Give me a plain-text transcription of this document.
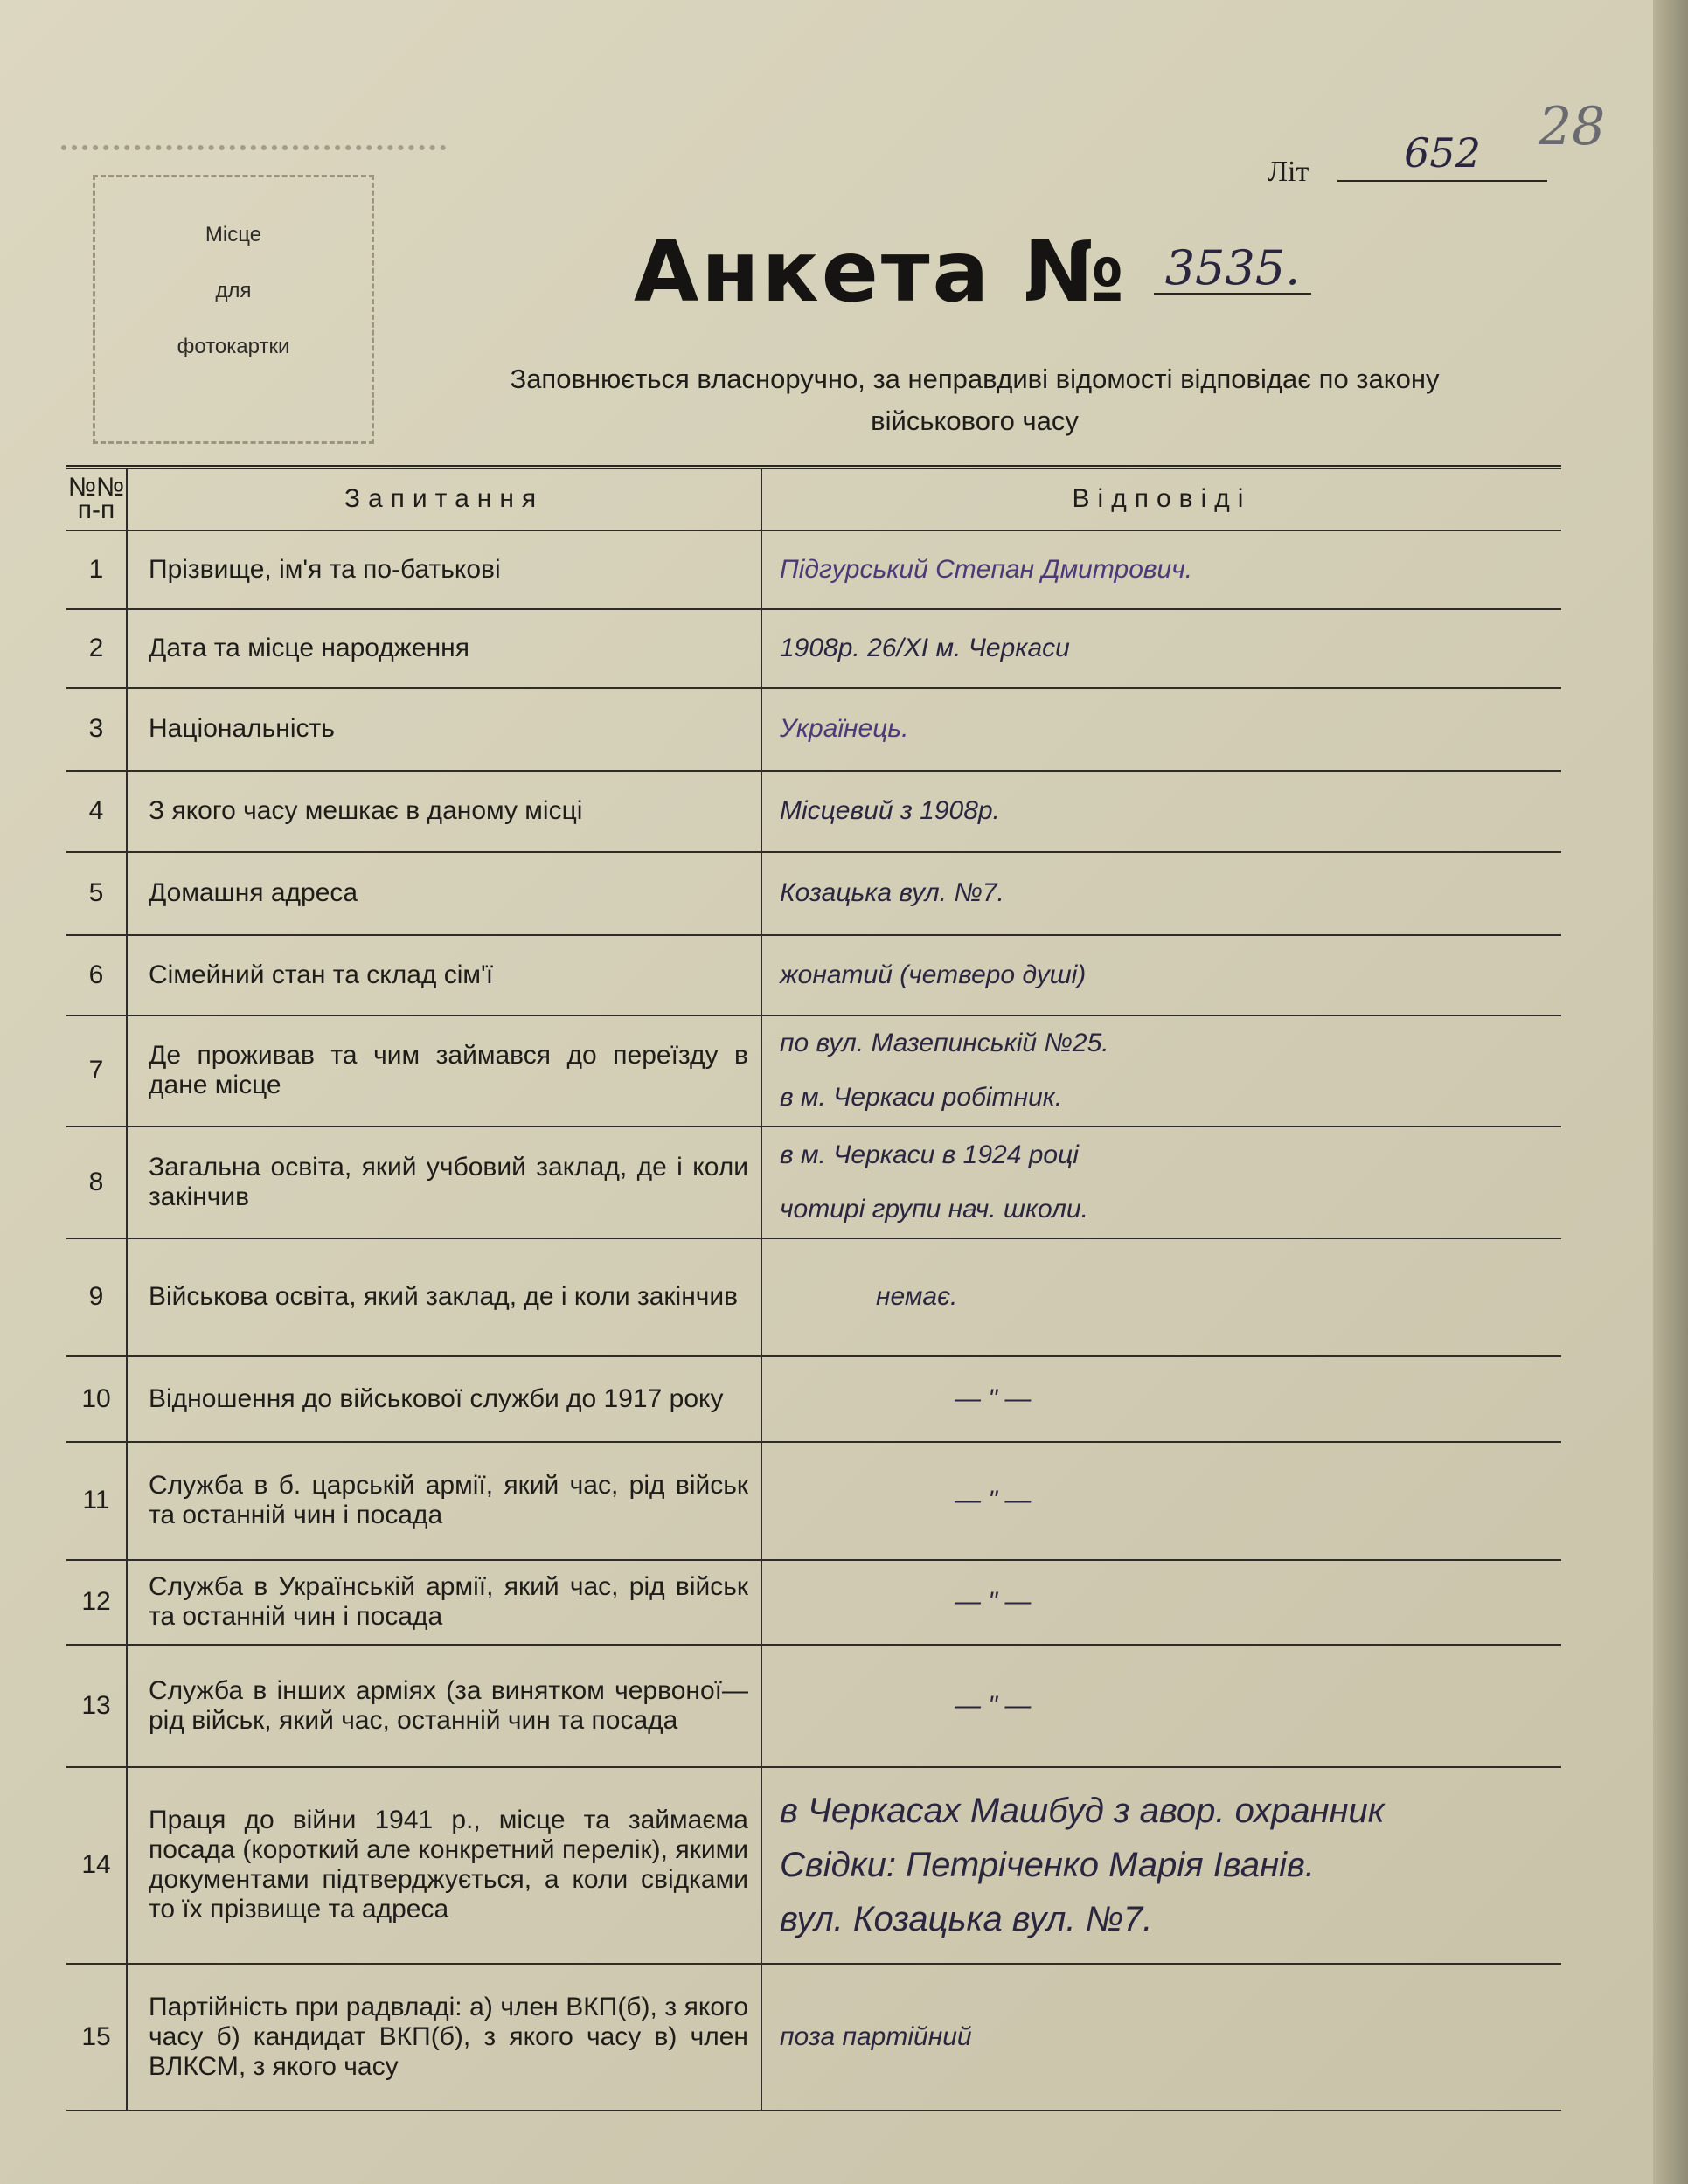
Літ	652	28
Місце
для
фотокартки
Анкета № 3535.
Заповнюється власноручно, за неправдиві відомості відповідає по закону
військового часу
№№ п-п	Запитання	Відповіді
1	Прізвище, ім'я та по-батькові	Підгурський Степан Дмитрович.

2	Дата та місце народження	1908р. 26/XI м. Черкаси

3	Національність	Українець.

4	З якого часу мешкає в даному місці	Місцевий з 1908р.

5	Домашня адреса	Козацька вул. №7.

6	Сімейний стан та склад сім'ї	жонатий (четверо душі)

7	Де проживав та чим займався до переїзду в дане місце	по вул. Мазепинській №25.
в м. Черкаси робітник.

8	Загальна освіта, який учбовий заклад, де і коли закінчив	в м. Черкаси в 1924 році
чотирі групи нач. школи.

9	Військова освіта, який заклад, де і коли закінчив	немає.

10	Відношення до військової служби до 1917 року	— " —

11	Служба в б. царській армії, який час, рід військ та останній чин і посада	— " —

12	Служба в Українській армії, який час, рід військ та останній чин і посада	— " —

13	Служба в інших арміях (за винятком червоної—рід військ, який час, останній чин та посада	— " —

14	Праця до війни 1941 р., місце та займаєма посада (короткий але конкретний перелік), якими документами підтверджується, а коли свідками то їх прізвище та адреса	в Черкасах Машбуд з авор. охранник
Свідки: Петріченко Марія Іванів.
вул. Козацька вул. №7.

15	Партійність при радвладі: а) член ВКП(б), з якого часу б) кандидат ВКП(б), з якого часу в) член ВЛКСМ, з якого часу	поза партійний
